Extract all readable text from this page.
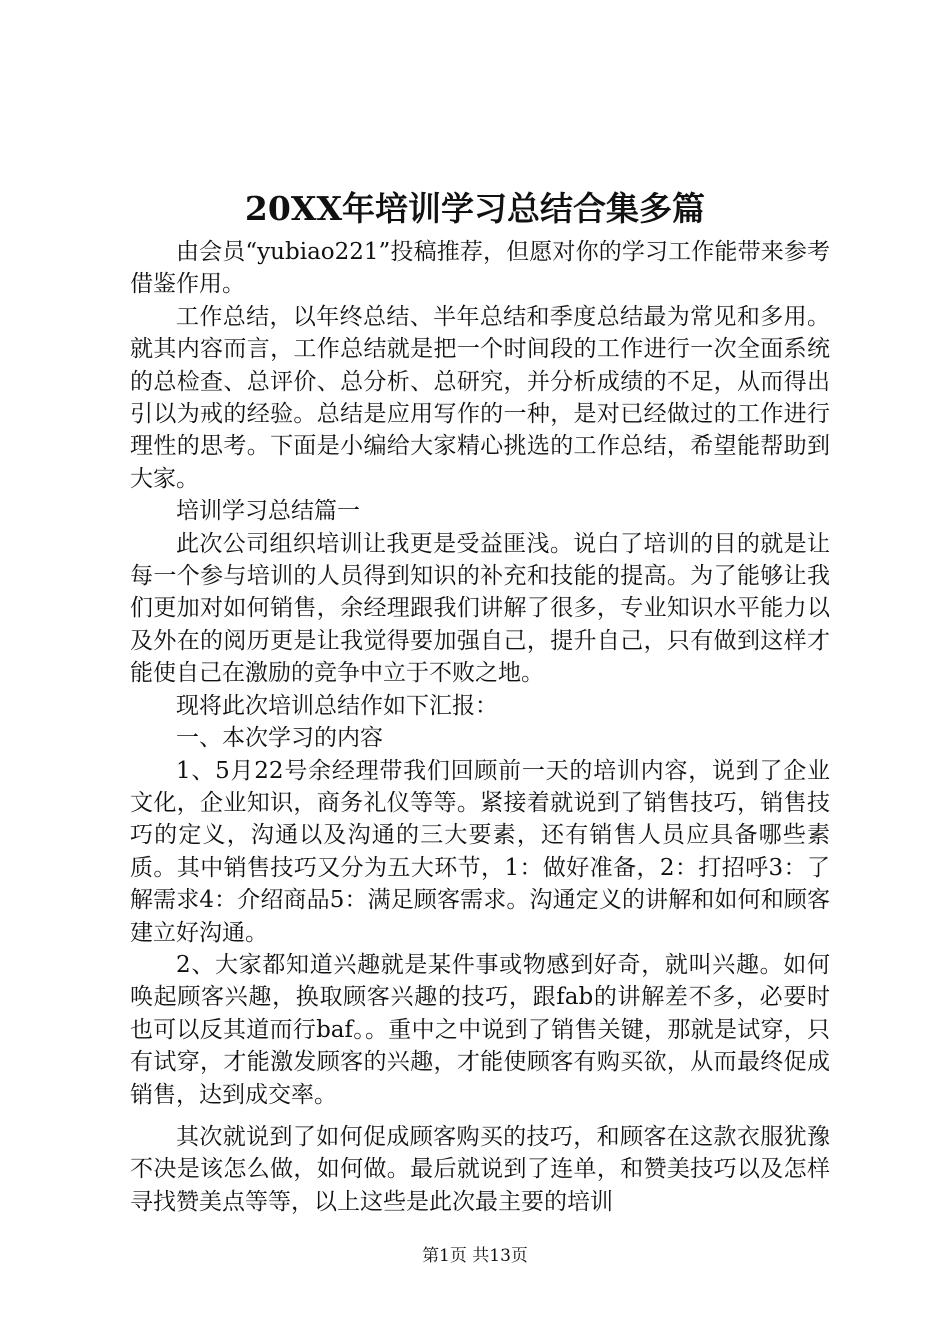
20XX年培训学习总结合集多篇

由会员“yubiao221”投稿推荐，但愿对你的学习工作能带来参考借鉴作用。

工作总结，以年终总结、半年总结和季度总结最为常见和多用。就其内容而言，工作总结就是把一个时间段的工作进行一次全面系统的总检查、总评价、总分析、总研究，并分析成绩的不足，从而得出引以为戒的经验。总结是应用写作的一种，是对已经做过的工作进行理性的思考。下面是小编给大家精心挑选的工作总结，希望能帮助到大家。

培训学习总结篇一

此次公司组织培训让我更是受益匪浅。说白了培训的目的就是让每一个参与培训的人员得到知识的补充和技能的提高。为了能够让我们更加对如何销售，余经理跟我们讲解了很多，专业知识水平能力以及外在的阅历更是让我觉得要加强自己，提升自己，只有做到这样才能使自己在激励的竞争中立于不败之地。

现将此次培训总结作如下汇报：

一、本次学习的内容

1、5月22号余经理带我们回顾前一天的培训内容，说到了企业文化，企业知识，商务礼仪等等。紧接着就说到了销售技巧，销售技巧的定义，沟通以及沟通的三大要素，还有销售人员应具备哪些素质。其中销售技巧又分为五大环节，1：做好准备，2：打招呼3：了解需求4：介绍商品5：满足顾客需求。沟通定义的讲解和如何和顾客建立好沟通。

2、大家都知道兴趣就是某件事或物感到好奇，就叫兴趣。如何唤起顾客兴趣，换取顾客兴趣的技巧，跟fab的讲解差不多，必要时也可以反其道而行baf。。重中之中说到了销售关键，那就是试穿，只有试穿，才能激发顾客的兴趣，才能使顾客有购买欲，从而最终促成销售，达到成交率。

其次就说到了如何促成顾客购买的技巧，和顾客在这款衣服犹豫不决是该怎么做，如何做。最后就说到了连单，和赞美技巧以及怎样寻找赞美点等等，以上这些是此次最主要的培训

第1页 共13页
